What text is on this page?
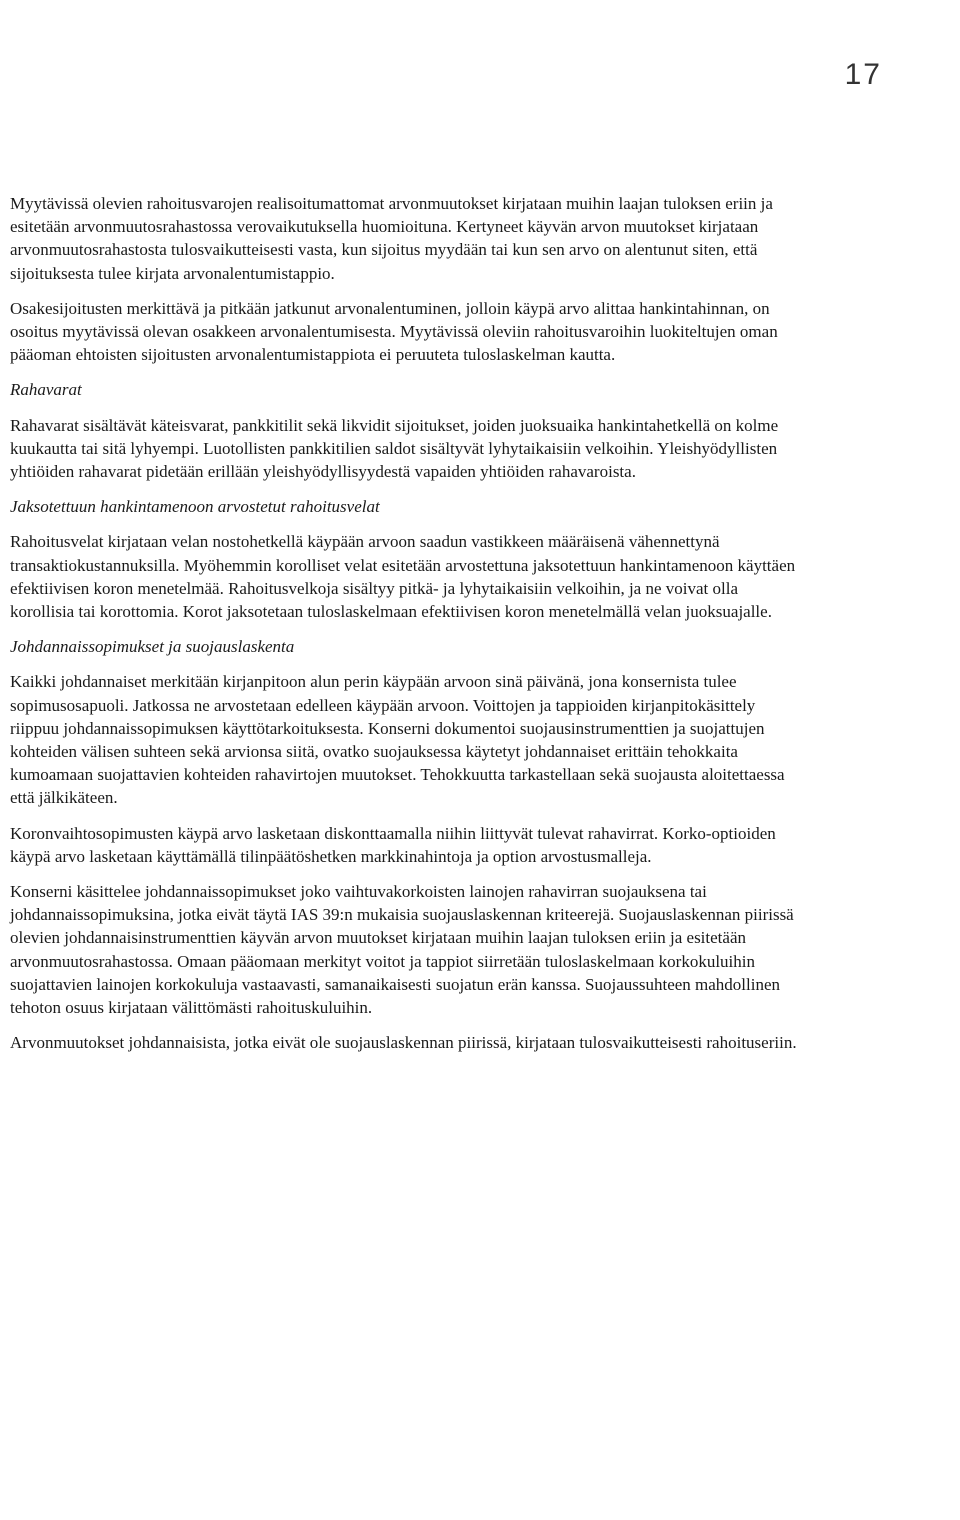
17

Myytävissä olevien rahoitusvarojen realisoitumattomat arvonmuutokset kirjataan muihin laajan tuloksen eriin ja esitetään arvonmuutosrahastossa verovaikutuksella huomioituna. Kertyneet käyvän arvon muutokset kirjataan arvonmuutosrahastosta tulosvaikutteisesti vasta, kun sijoitus myydään tai kun sen arvo on alentunut siten, että sijoituksesta tulee kirjata arvonalentumistappio.

Osakesijoitusten merkittävä ja pitkään jatkunut arvonalentuminen, jolloin käypä arvo alittaa hankintahinnan, on osoitus myytävissä olevan osakkeen arvonalentumisesta. Myytävissä oleviin rahoitusvaroihin luokiteltujen oman pääoman ehtoisten sijoitusten arvonalentumistappiota ei peruuteta tuloslaskelman kautta.

Rahavarat

Rahavarat sisältävät käteisvarat, pankkitilit sekä likvidit sijoitukset, joiden juoksuaika hankintahetkellä on kolme kuukautta tai sitä lyhyempi. Luotollisten pankkitilien saldot sisältyvät lyhytaikaisiin velkoihin. Yleishyödyllisten yhtiöiden rahavarat pidetään erillään yleishyödyllisyydestä vapaiden yhtiöiden rahavaroista.

Jaksotettuun hankintamenoon arvostetut rahoitusvelat

Rahoitusvelat kirjataan velan nostohetkellä käypään arvoon saadun vastikkeen määräisenä vähennettynä transaktiokustannuksilla. Myöhemmin korolliset velat esitetään arvostettuna jaksotettuun hankintamenoon käyttäen efektiivisen koron menetelmää. Rahoitusvelkoja sisältyy pitkä- ja lyhytaikaisiin velkoihin, ja ne voivat olla korollisia tai korottomia. Korot jaksotetaan tuloslaskelmaan efektiivisen koron menetelmällä velan juoksuajalle.

Johdannaissopimukset ja suojauslaskenta

Kaikki johdannaiset merkitään kirjanpitoon alun perin käypään arvoon sinä päivänä, jona konsernista tulee sopimusosapuoli. Jatkossa ne arvostetaan edelleen käypään arvoon. Voittojen ja tappioiden kirjanpitokäsittely riippuu johdannaissopimuksen käyttötarkoituksesta. Konserni dokumentoi suojausinstrumenttien ja suojattujen kohteiden välisen suhteen sekä arvionsa siitä, ovatko suojauksessa käytetyt johdannaiset erittäin tehokkaita kumoamaan suojattavien kohteiden rahavirtojen muutokset. Tehokkuutta tarkastellaan sekä suojausta aloitettaessa että jälkikäteen.

Koronvaihtosopimusten käypä arvo lasketaan diskonttaamalla niihin liittyvät tulevat rahavirrat. Korko-optioiden käypä arvo lasketaan käyttämällä tilinpäätöshetken markkinahintoja ja option arvostusmalleja.

Konserni käsittelee johdannaissopimukset joko vaihtuvakorkoisten lainojen rahavirran suojauksena tai johdannaissopimuksina, jotka eivät täytä IAS 39:n mukaisia suojauslaskennan kriteerejä. Suojauslaskennan piirissä olevien johdannaisinstrumenttien käyvän arvon muutokset kirjataan muihin laajan tuloksen eriin ja esitetään arvonmuutosrahastossa. Omaan pääomaan merkityt voitot ja tappiot siirretään tuloslaskelmaan korkokuluihin suojattavien lainojen korkokuluja vastaavasti, samanaikaisesti suojatun erän kanssa. Suojaussuhteen mahdollinen tehoton osuus kirjataan välittömästi rahoituskuluihin.

Arvonmuutokset johdannaisista, jotka eivät ole suojauslaskennan piirissä, kirjataan tulosvaikutteisesti rahoituseriin.
